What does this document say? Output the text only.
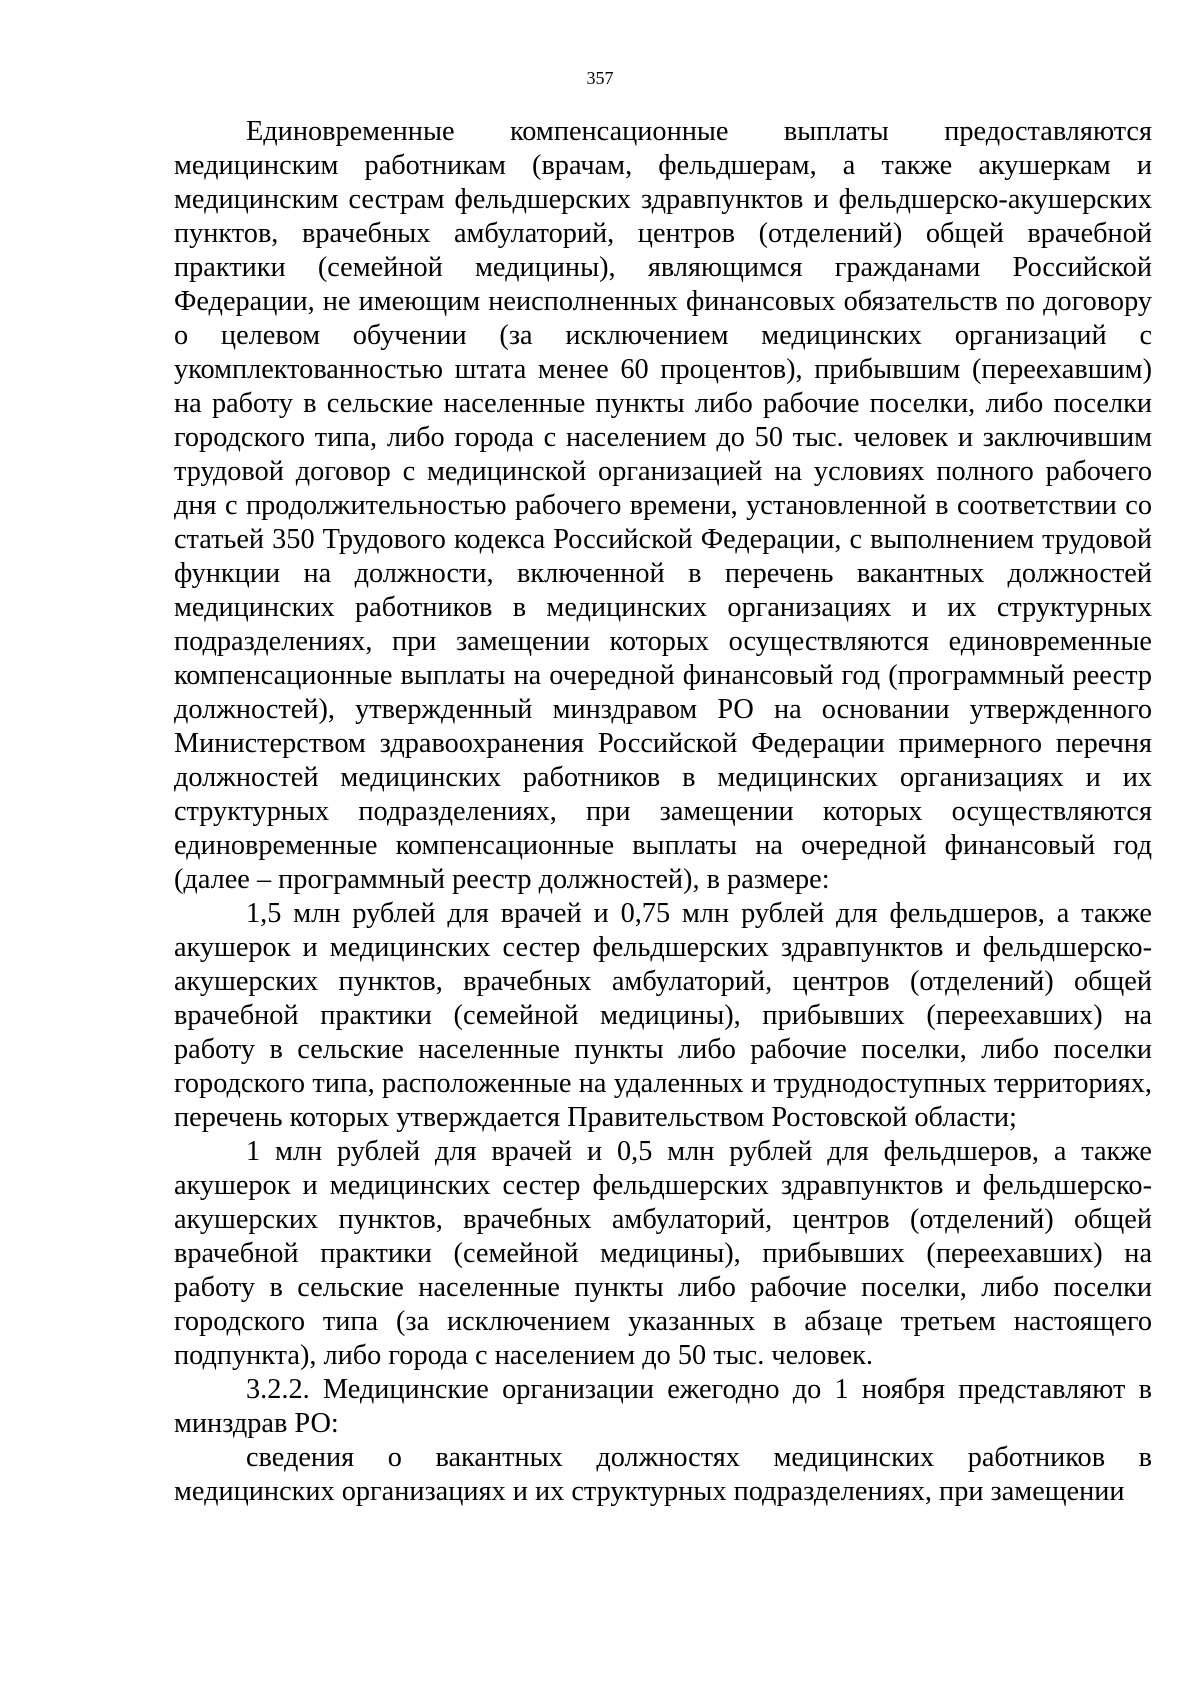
357

Единовременные компенсационные выплаты предоставляются медицинским работникам (врачам, фельдшерам, а также акушеркам и медицинским сестрам фельдшерских здравпунктов и фельдшерско-акушерских пунктов, врачебных амбулаторий, центров (отделений) общей врачебной практики (семейной медицины), являющимся гражданами Российской Федерации, не имеющим неисполненных финансовых обязательств по договору о целевом обучении (за исключением медицинских организаций с укомплектованностью штата менее 60 процентов), прибывшим (переехавшим) на работу в сельские населенные пункты либо рабочие поселки, либо поселки городского типа, либо города с населением до 50 тыс. человек и заключившим трудовой договор с медицинской организацией на условиях полного рабочего дня с продолжительностью рабочего времени, установленной в соответствии со статьей 350 Трудового кодекса Российской Федерации, с выполнением трудовой функции на должности, включенной в перечень вакантных должностей медицинских работников в медицинских организациях и их структурных подразделениях, при замещении которых осуществляются единовременные компенсационные выплаты на очередной финансовый год (программный реестр должностей), утвержденный минздравом РО на основании утвержденного Министерством здравоохранения Российской Федерации примерного перечня должностей медицинских работников в медицинских организациях и их структурных подразделениях, при замещении которых осуществляются единовременные компенсационные выплаты на очередной финансовый год (далее – программный реестр должностей), в размере:

1,5 млн рублей для врачей и 0,75 млн рублей для фельдшеров, а также акушерок и медицинских сестер фельдшерских здравпунктов и фельдшерско-акушерских пунктов, врачебных амбулаторий, центров (отделений) общей врачебной практики (семейной медицины), прибывших (переехавших) на работу в сельские населенные пункты либо рабочие поселки, либо поселки городского типа, расположенные на удаленных и труднодоступных территориях, перечень которых утверждается Правительством Ростовской области;

1 млн рублей для врачей и 0,5 млн рублей для фельдшеров, а также акушерок и медицинских сестер фельдшерских здравпунктов и фельдшерско-акушерских пунктов, врачебных амбулаторий, центров (отделений) общей врачебной практики (семейной медицины), прибывших (переехавших) на работу в сельские населенные пункты либо рабочие поселки, либо поселки городского типа (за исключением указанных в абзаце третьем настоящего подпункта), либо города с населением до 50 тыс. человек.

3.2.2. Медицинские организации ежегодно до 1 ноября представляют в минздрав РО:

сведения о вакантных должностях медицинских работников в медицинских организациях и их структурных подразделениях, при замещении
